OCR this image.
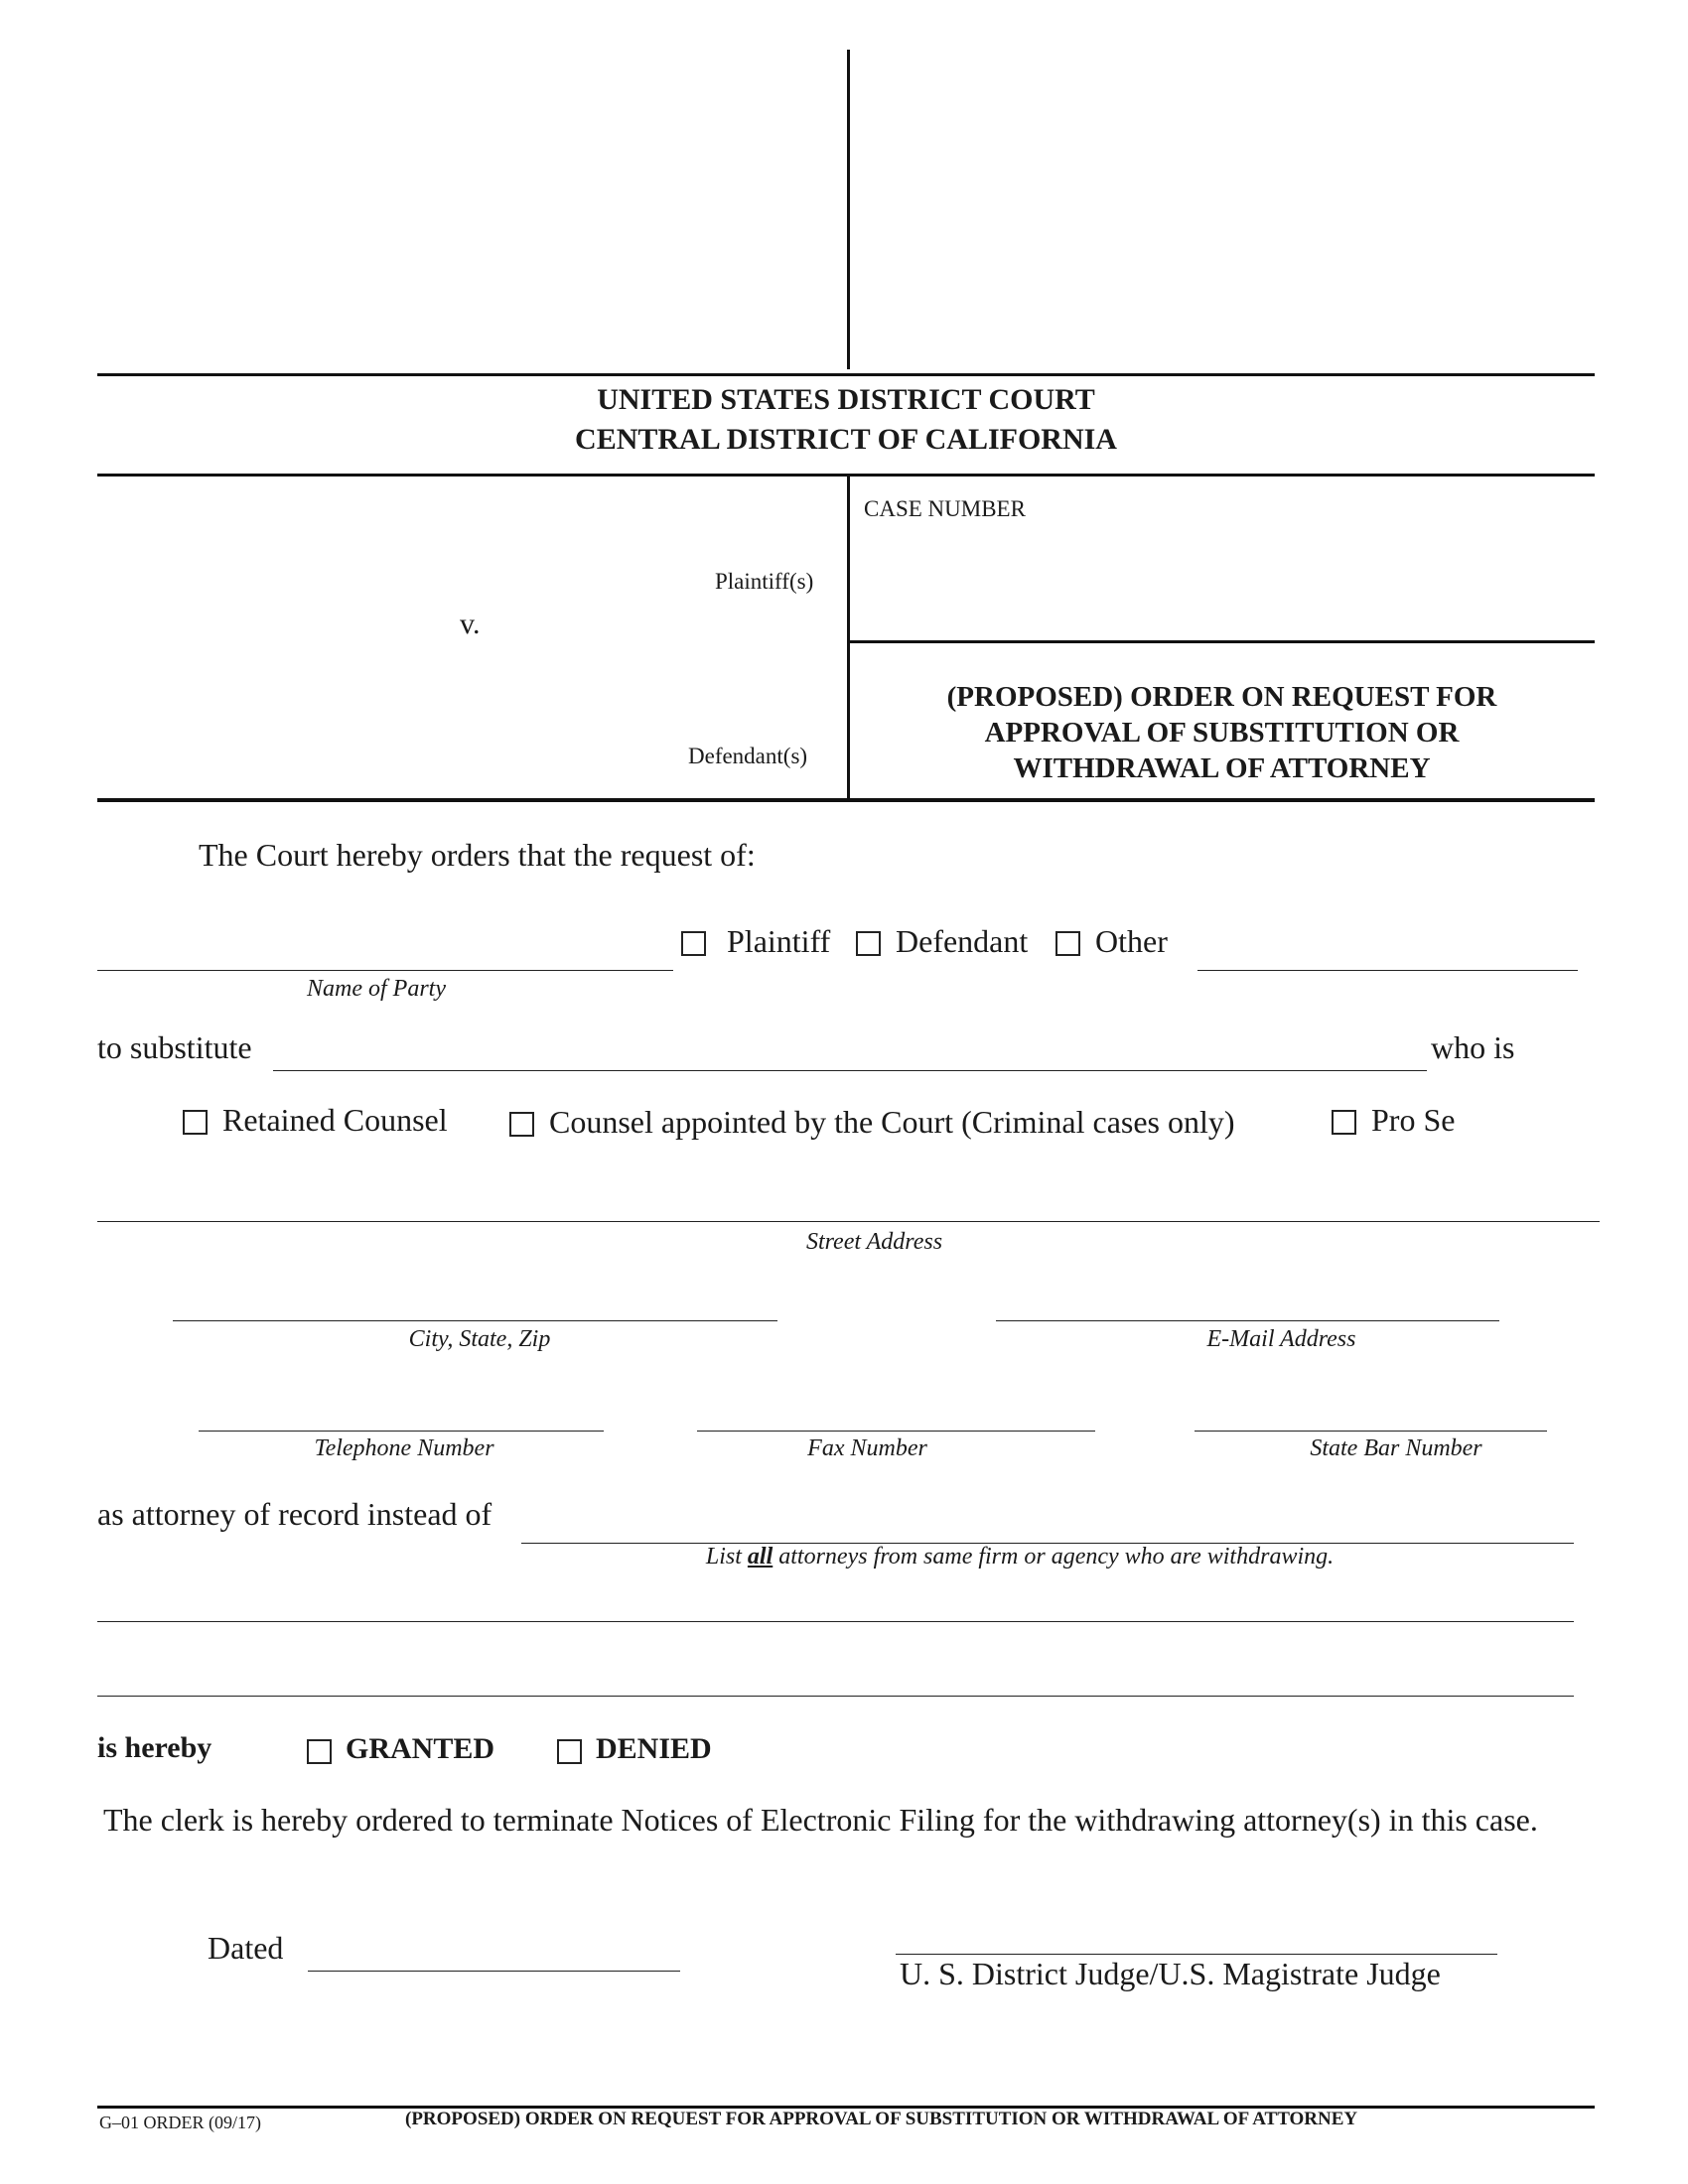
UNITED STATES DISTRICT COURT
CENTRAL DISTRICT OF CALIFORNIA
CASE NUMBER
Plaintiff(s)
v.
Defendant(s)
(PROPOSED) ORDER ON REQUEST FOR
APPROVAL OF SUBSTITUTION OR
WITHDRAWAL OF ATTORNEY
The Court hereby orders that the request of:
Name of Party
Plaintiff Defendant Other
to substitute	who is
Retained Counsel	Counsel appointed by the Court (Criminal cases only)	Pro Se
Street Address
City, State, Zip	E-Mail Address
Telephone Number	Fax Number	State Bar Number
as attorney of record instead of
List all attorneys from same firm or agency who are withdrawing.
is hereby	GRANTED	DENIED
The clerk is hereby ordered to terminate Notices of Electronic Filing for the withdrawing attorney(s) in this case.
Dated
U. S. District Judge/U.S. Magistrate Judge
G–01 ORDER (09/17)	(PROPOSED) ORDER ON REQUEST FOR APPROVAL OF SUBSTITUTION OR WITHDRAWAL OF ATTORNEY
